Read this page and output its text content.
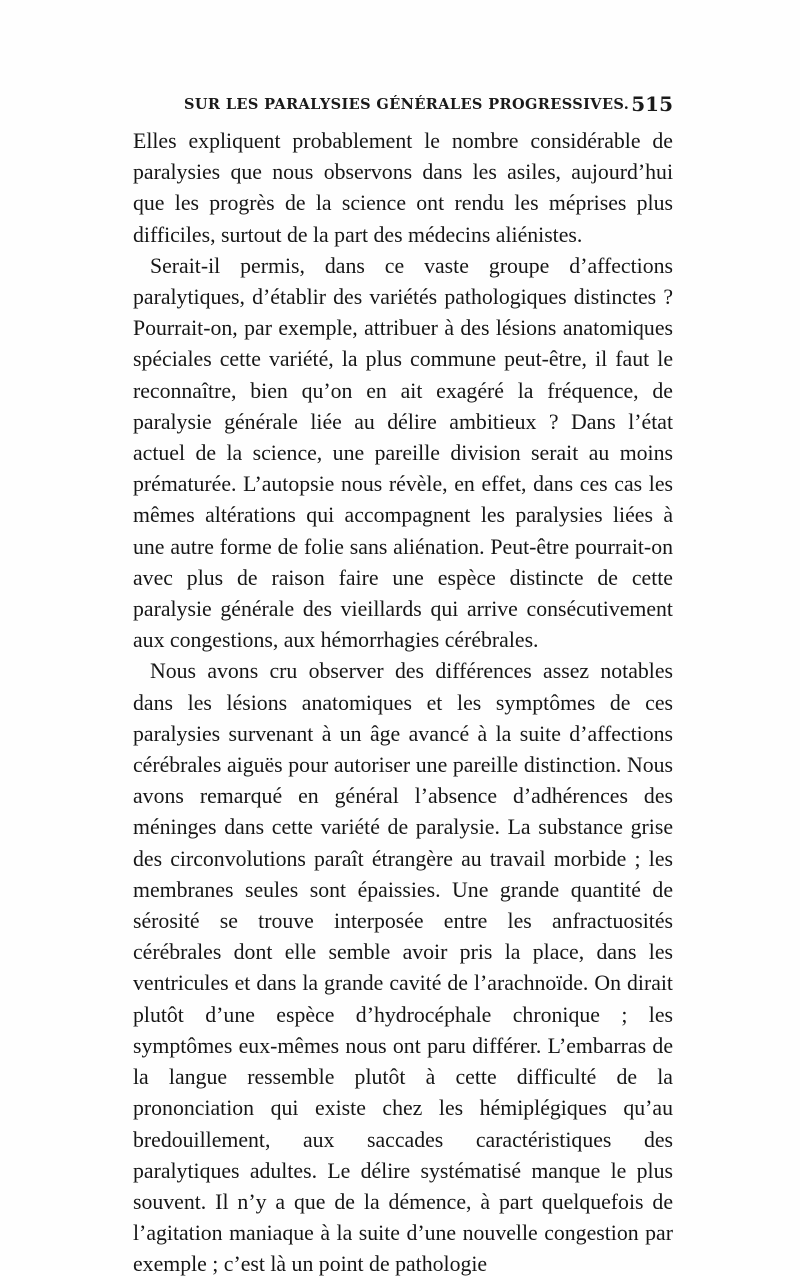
SUR LES PARALYSIES GÉNÉRALES PROGRESSIVES. 515

Elles expliquent probablement le nombre considérable de paralysies que nous observons dans les asiles, aujourd’hui que les progrès de la science ont rendu les méprises plus difficiles, surtout de la part des médecins aliénistes.

Serait-il permis, dans ce vaste groupe d’affections paralytiques, d’établir des variétés pathologiques distinctes ? Pourrait-on, par exemple, attribuer à des lésions anatomiques spéciales cette variété, la plus commune peut-être, il faut le reconnaître, bien qu’on en ait exagéré la fréquence, de paralysie générale liée au délire ambitieux ? Dans l’état actuel de la science, une pareille division serait au moins prématurée. L’autopsie nous révèle, en effet, dans ces cas les mêmes altérations qui accompagnent les paralysies liées à une autre forme de folie sans aliénation. Peut-être pourrait-on avec plus de raison faire une espèce distincte de cette paralysie générale des vieillards qui arrive consécutivement aux congestions, aux hémorrhagies cérébrales.

Nous avons cru observer des différences assez notables dans les lésions anatomiques et les symptômes de ces paralysies survenant à un âge avancé à la suite d’affections cérébrales aiguës pour autoriser une pareille distinction. Nous avons remarqué en général l’absence d’adhérences des méninges dans cette variété de paralysie. La substance grise des circonvolutions paraît étrangère au travail morbide ; les membranes seules sont épaissies. Une grande quantité de sérosité se trouve interposée entre les anfractuosités cérébrales dont elle semble avoir pris la place, dans les ventricules et dans la grande cavité de l’arachnoïde. On dirait plutôt d’une espèce d’hydrocéphale chronique ; les symptômes eux-mêmes nous ont paru différer. L’embarras de la langue ressemble plutôt à cette difficulté de la prononciation qui existe chez les hémiplégiques qu’au bredouillement, aux saccades caractéristiques des paralytiques adultes. Le délire systématisé manque le plus souvent. Il n’y a que de la démence, à part quelquefois de l’agitation maniaque à la suite d’une nouvelle congestion par exemple ; c’est là un point de pathologie
